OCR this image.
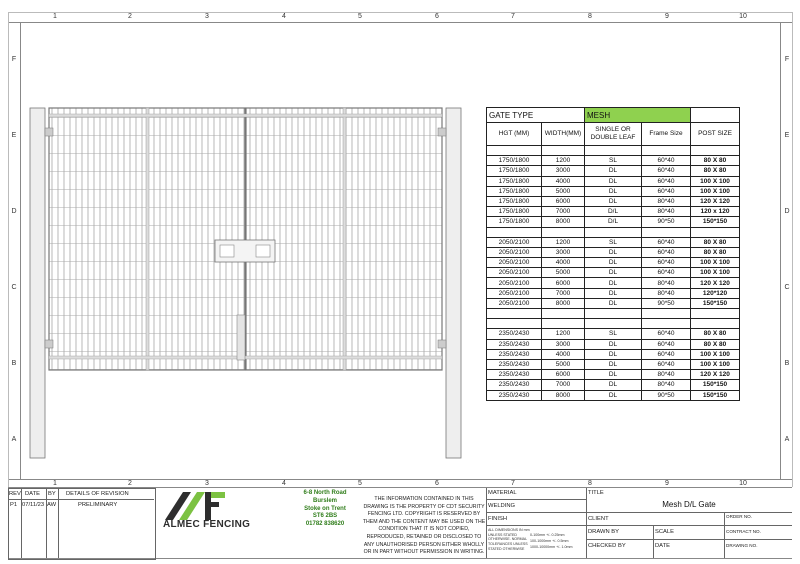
1	2	3	4	5	6	7	8	9	10
1	2	3	4	5	6	7	8	9	10
F
E
D
C
B
A
F
E
D
C
B
A
GATE TYPE		MESH		
HGT (MM)	WIDTH(MM)	SINGLE OR DOUBLE LEAF	Frame Size	POST SIZE

1750/1800	1200	SL	60*40	80 X 80
1750/1800	3000	DL	60*40	80 X 80
1750/1800	4000	DL	60*40	100 X 100
1750/1800	5000	DL	60*40	100 X 100
1750/1800	6000	DL	80*40	120 X 120
1750/1800	7000	D/L	80*40	120 x 120
1750/1800	8000	D/L	90*50	150*150

2050/2100	1200	SL	60*40	80 X 80
2050/2100	3000	DL	60*40	80 X 80
2050/2100	4000	DL	60*40	100 X 100
2050/2100	5000	DL	60*40	100 X 100
2050/2100	6000	DL	80*40	120 X 120
2050/2100	7000	DL	80*40	120*120
2050/2100	8000	DL	90*50	150*150

2350/2430	1200	SL	60*40	80 X 80
2350/2430	3000	DL	60*40	80 X 80
2350/2430	4000	DL	60*40	100 X 100
2350/2430	5000	DL	60*40	100 X 100
2350/2430	6000	DL	80*40	120 X 120
2350/2430	7000	DL	80*40	150*150
2350/2430	8000	DL	90*50	150*150
REV DATE BY DETAILS OF REVISION
P1 07/11/23 AW	PRELIMINARY
ALMEC FENCING
6-8 North Road
Burslem
Stoke on Trent
ST6 2BS
01782 838620
THE INFORMATION CONTAINED IN THIS DRAWING IS THE PROPERTY OF CDT SECURITY FENCING LTD. COPYRIGHT IS RESERVED BY THEM AND THE CONTENT MAY BE USED ON THE CONDITION THAT IT IS NOT COPIED, REPRODUCED, RETAINED OR DISCLOSED TO ANY UNAUTHORISED PERSON EITHER WHOLLY OR IN PART WITHOUT PERMISSION IN WRITING.
MATERIAL
WELDING
FINISH
ALL DIMENSIONS IN mm
UNLESS STATED
OTHERWISE. NORMAL
TOLERANCES UNLESS
STATED OTHERWISE
0-100mm +/- 0.25mm
100-1000mm +/- 0.5mm
1000-10000mm +/- 1.0mm
TITLE
Mesh D/L Gate
CLIENT	ORDER NO.
DRAWN BY	SCALE	CONTRACT NO.
CHECKED BY	DATE	DRAWING NO.
